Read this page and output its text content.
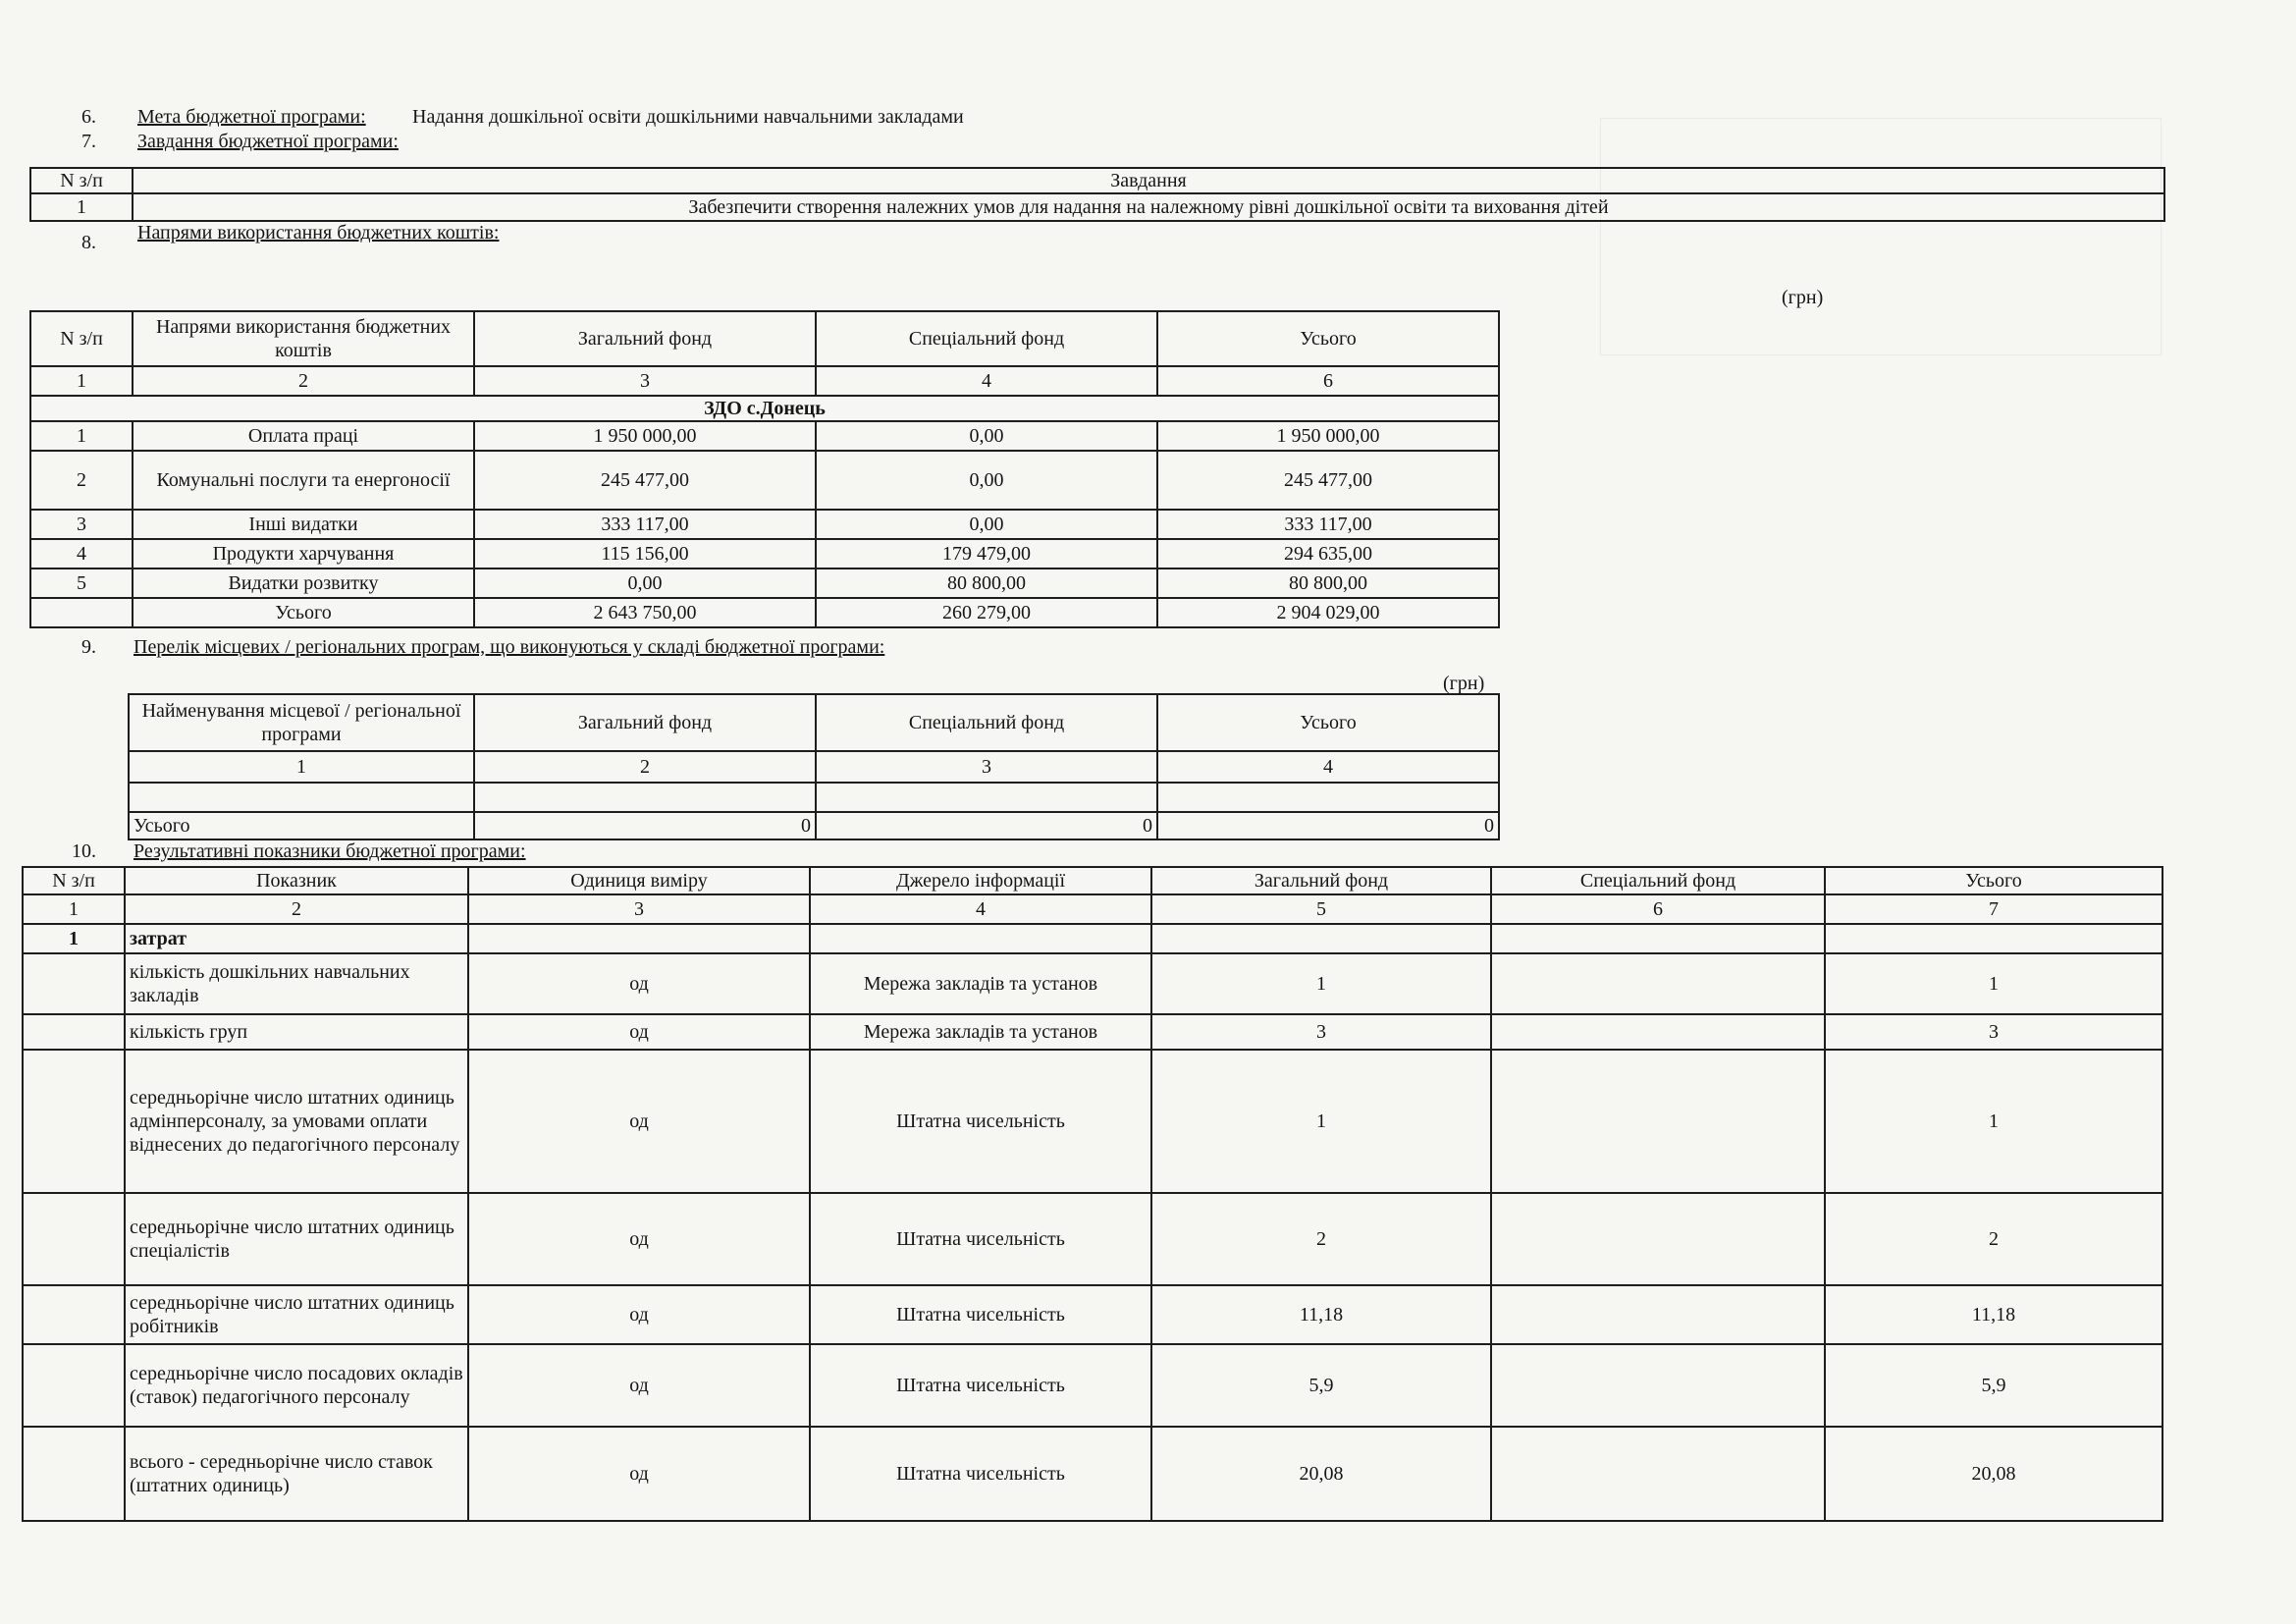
6. Мета бюджетної програми: Надання дошкільної освіти дошкільними навчальними закладами
7. Завдання бюджетної програми:
N з/п	Завдання
1	Забезпечити створення належних умов для надання на належному рівні дошкільної освіти та виховання дітей
8. Напрями використання бюджетних коштів:
(грн)
N з/п	Напрями використання бюджетних коштів	Загальний фонд	Спеціальний фонд	Усього
1	2	3	4	6
ЗДО с.Донець				
1	Оплата праці	1 950 000,00	0,00	1 950 000,00
2	Комунальні послуги та енергоносії	245 477,00	0,00	245 477,00
3	Інші видатки	333 117,00	0,00	333 117,00
4	Продукти харчування	115 156,00	179 479,00	294 635,00
5	Видатки розвитку	0,00	80 800,00	80 800,00
	Усього	2 643 750,00	260 279,00	2 904 029,00
9. Перелік місцевих / регіональних програм, що виконуються у складі бюджетної програми:
(грн)
Найменування місцевої / регіональної програми	Загальний фонд	Спеціальний фонд	Усього
1	2	3	4

Усього	0	0	0
10. Результативні показники бюджетної програми:
N з/п	Показник	Одиниця виміру	Джерело інформації	Загальний фонд	Спеціальний фонд	Усього
1	2	3	4	5	6	7
1	затрат					
	кількість дошкільних навчальних закладів	од	Мережа закладів та установ	1		1
	кількість груп	од	Мережа закладів та установ	3		3
	середньорічне число штатних одиниць адмінперсоналу, за умовами оплати віднесених до педагогічного персоналу	од	Штатна чисельність	1		1
	середньорічне число штатних одиниць спеціалістів	од	Штатна чисельність	2		2
	середньорічне число штатних одиниць робітників	од	Штатна чисельність	11,18		11,18
	середньорічне число посадових окладів (ставок) педагогічного персоналу	од	Штатна чисельність	5,9		5,9
	всього - середньорічне число ставок (штатних одиниць)	од	Штатна чисельність	20,08		20,08
